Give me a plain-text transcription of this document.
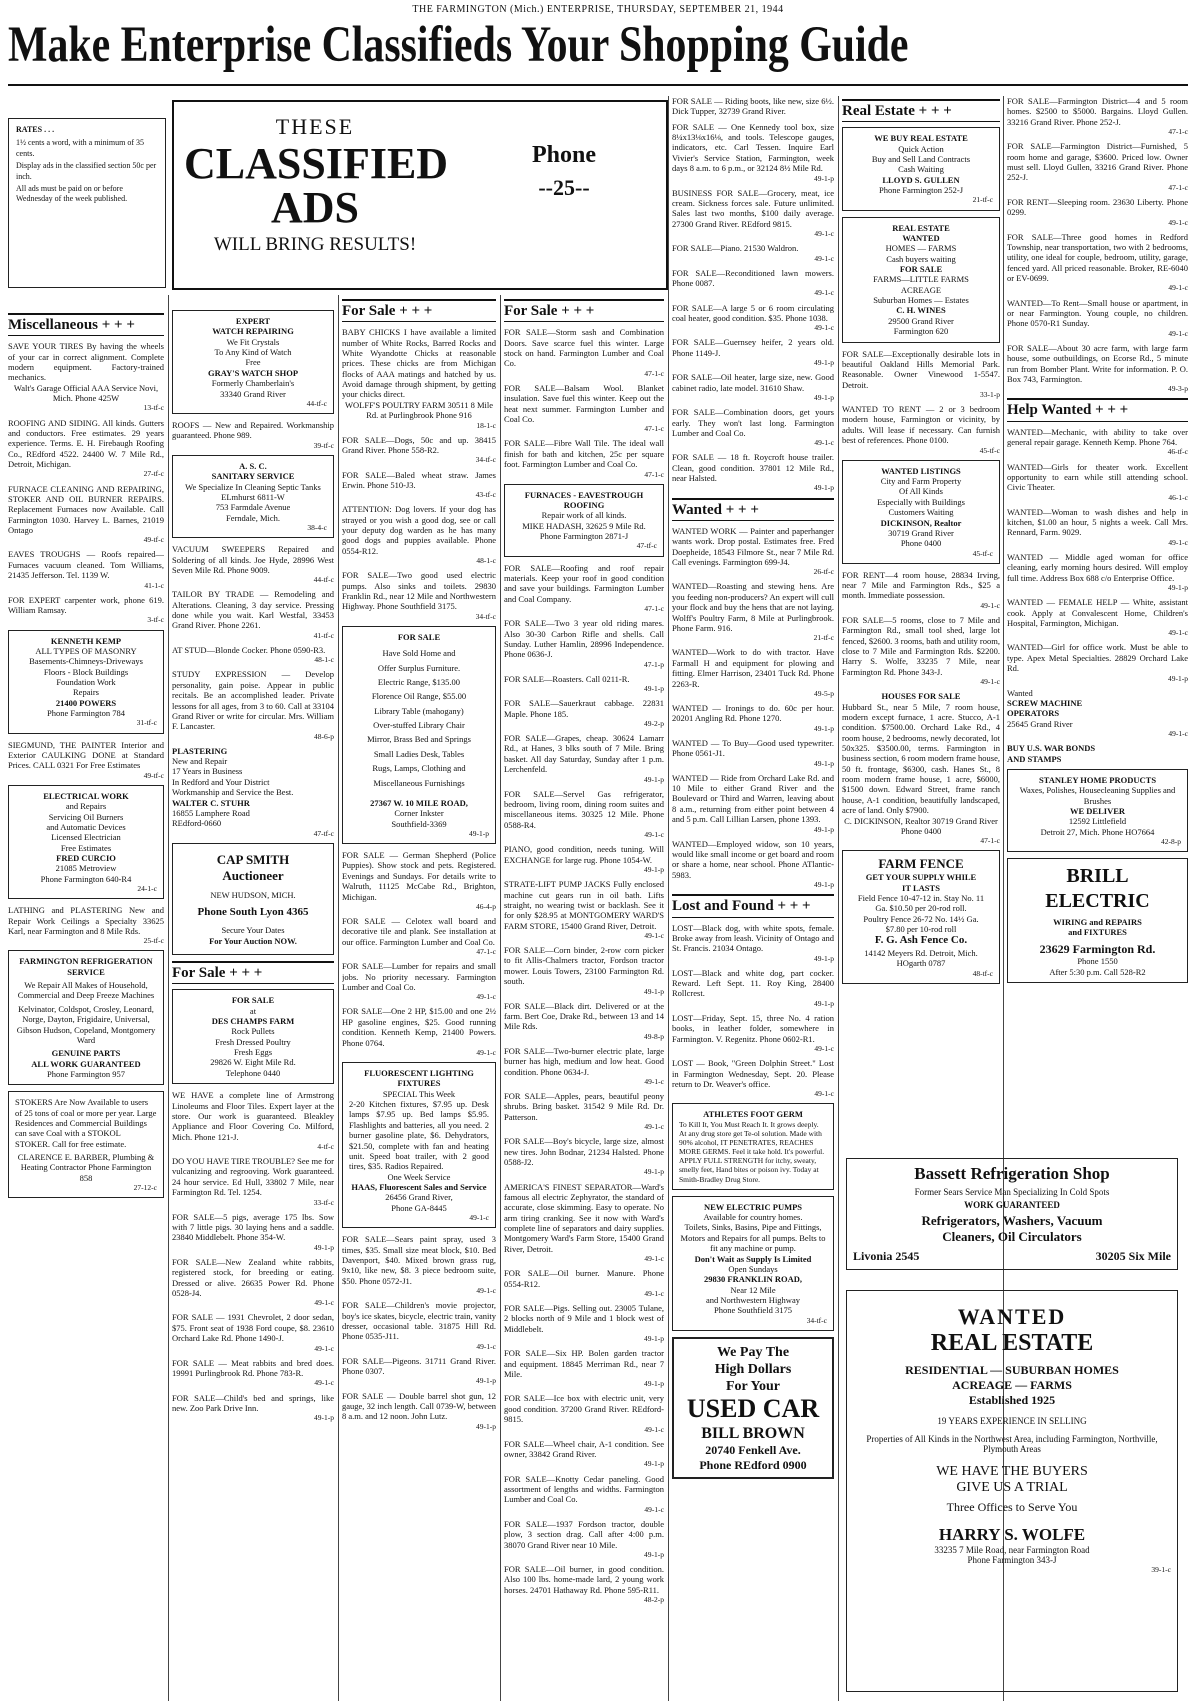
THE FARMINGTON (Mich.) ENTERPRISE, THURSDAY, SEPTEMBER 21, 1944
Make Enterprise Classifieds Your Shopping Guide
RATES . . .
1½ cents a word, with a minimum of 35 cents.
Display ads in the classified section 50c per inch.
All ads must be paid on or before Wednesday of the week published.
THESE
CLASSIFIED
ADS
WILL BRING RESULTS!
Phone
--25--
Miscellaneous + + +
SAVE YOUR TIRES By having the wheels of your car in correct alignment. Complete modern equipment. Factory-trained mechanics.
Walt's Garage Official AAA Service Novi, Mich. Phone 425W
13-tf-c
ROOFING AND SIDING. All kinds. Gutters and conductors. Free estimates. 29 years experience. Terms. E. H. Firebaugh Roofing Co., REdford 4522. 24400 W. 7 Mile Rd., Detroit, Michigan.
27-tf-c
FURNACE CLEANING AND REPAIRING, STOKER AND OIL BURNER REPAIRS. Replacement Furnaces now Available. Call Farmington 1030. Harvey L. Barnes, 21019 Ontago
49-tf-c
EAVES TROUGHS — Roofs repaired—Furnaces vacuum cleaned. Tom Williams, 21435 Jefferson. Tel. 1139 W.
41-1-c
FOR EXPERT carpenter work, phone 619. William Ramsay.
3-tf-c
KENNETH KEMP
ALL TYPES OF MASONRY
Basements-Chimneys-Driveways
Floors - Block Buildings
Foundation Work
Repairs
21400 POWERS
Phone Farmington 784
31-tf-c
SIEGMUND, THE PAINTER Interior and Exterior CAULKING DONE at Standard Prices. CALL 0321 For Free Estimates
49-tf-c
ELECTRICAL WORK
and Repairs
Servicing Oil Burners
and Automatic Devices
Licensed Electrician
Free Estimates
FRED CURCIO
21085 Metroview
Phone Farmington 640-R4
24-1-c
LATHING and PLASTERING New and Repair Work Ceilings a Specialty 33625 Karl, near Farmington and 8 Mile Rds.
25-tf-c
FARMINGTON REFRIGERATION SERVICE
We Repair All Makes of Household, Commercial and Deep Freeze Machines
Kelvinator, Coldspot, Crosley, Leonard, Norge, Dayton, Frigidaire, Universal, Gibson Hudson, Copeland, Montgomery Ward
GENUINE PARTS
ALL WORK GUARANTEED
Phone Farmington 957
STOKERS Are Now Available to users of 25 tons of coal or more per year. Large Residences and Commercial Buildings can save Coal with a STOKOL STOKER. Call for free estimate.
CLARENCE E. BARBER, Plumbing & Heating Contractor Phone Farmington 858
27-12-c
EXPERT
WATCH REPAIRING
We Fit Crystals
To Any Kind of Watch
Free
GRAY'S WATCH SHOP
Formerly Chamberlain's
33340 Grand River
44-tf-c
ROOFS — New and Repaired. Workmanship guaranteed. Phone 989.
39-tf-c
A. S. C.
SANITARY SERVICE
We Specialize In Cleaning Septic Tanks
ELmhurst 6811-W
753 Farmdale Avenue
Ferndale, Mich.
38-4-c
VACUUM SWEEPERS Repaired and Soldering of all kinds. Joe Hyde, 28996 West Seven Mile Rd. Phone 9009.
44-tf-c
TAILOR BY TRADE — Remodeling and Alterations. Cleaning, 3 day service. Pressing done while you wait. Karl Westfal, 33453 Grand River. Phone 2261.
41-tf-c
AT STUD—Blonde Cocker. Phone 0590-R3.
48-1-c
STUDY EXPRESSION — Develop personality, gain poise. Appear in public recitals. Be an accomplished leader. Private lessons for all ages, from 3 to 60. Call at 33104 Grand River or write for circular. Mrs. William F. Lancaster.
48-6-p
PLASTERING
New and Repair
17 Years in Business
In Redford and Your District
Workmanship and Service the Best.
WALTER C. STUHR
16855 Lamphere Road
REdford-0660
47-tf-c
CAP SMITH
Auctioneer
NEW HUDSON, MICH.
Phone South Lyon 4365
Secure Your Dates
For Your Auction NOW.
For Sale + + +
FOR SALE
at
DES CHAMPS FARM
Rock Pullets
Fresh Dressed Poultry
Fresh Eggs
29826 W. Eight Mile Rd.
Telephone 0440
WE HAVE a complete line of Armstrong Linoleums and Floor Tiles. Expert layer at the store. Our work is guaranteed. Bleakley Appliance and Floor Covering Co. Milford, Mich. Phone 121-J.
4-tf-c
DO YOU HAVE TIRE TROUBLE? See me for vulcanizing and regrooving. Work guaranteed. 24 hour service. Ed Hull, 33802 7 Mile, near Farmington Rd. Tel. 1254.
33-tf-c
FOR SALE—5 pigs, average 175 lbs. Sow with 7 little pigs. 30 laying hens and a saddle. 23840 Middlebelt. Phone 354-W.
49-1-p
FOR SALE—New Zealand white rabbits, registered stock, for breeding or eating. Dressed or alive. 26635 Power Rd. Phone 0528-J4.
49-1-c
FOR SALE — 1931 Chevrolet, 2 door sedan, $75. Front seat of 1938 Ford coupe, $8. 23610 Orchard Lake Rd. Phone 1490-J.
49-1-c
FOR SALE — Meat rabbits and bred does. 19991 Purlingbrook Rd. Phone 783-R.
49-1-c
FOR SALE—Child's bed and springs, like new. Zoo Park Drive Inn.
49-1-p
For Sale + + +
BABY CHICKS I have available a limited number of White Rocks, Barred Rocks and White Wyandotte Chicks at reasonable prices. These chicks are from Michigan flocks of AAA matings and hatched by us. Avoid damage through shipment, by getting your chicks direct.
WOLFF'S POULTRY FARM 30511 8 Mile Rd. at Purlingbrook Phone 916
18-1-c
FOR SALE—Dogs, 50c and up. 38415 Grand River. Phone 558-R2.
34-tf-c
FOR SALE—Baled wheat straw. James Erwin. Phone 510-J3.
43-tf-c
ATTENTION: Dog lovers. If your dog has strayed or you wish a good dog, see or call your deputy dog warden as he has many good dogs and puppies available. Phone 0554-R12.
48-1-c
FOR SALE—Two good used electric pumps. Also sinks and toilets. 29830 Franklin Rd., near 12 Mile and Northwestern Highway. Phone Southfield 3175.
34-tf-c
FOR SALE
Have Sold Home and
Offer Surplus Furniture.
Electric Range, $135.00
Florence Oil Range, $55.00
Library Table (mahogany)
Over-stuffed Library Chair
Mirror, Brass Bed and Springs
Small Ladies Desk, Tables
Rugs, Lamps, Clothing and
Miscellaneous Furnishings
27367 W. 10 MILE ROAD,
Corner Inkster
Southfield-3369
49-1-p
FOR SALE — German Shepherd (Police Puppies). Show stock and pets. Registered. Evenings and Sundays. For details write to Walruth, 11125 McCabe Rd., Brighton, Michigan.
46-4-p
FOR SALE — Celotex wall board and decorative tile and plank. See installation at our office. Farmington Lumber and Coal Co.
47-1-c
FOR SALE—Lumber for repairs and small jobs. No priority necessary. Farmington Lumber and Coal Co.
49-1-c
FOR SALE—One 2 HP, $15.00 and one 2½ HP gasoline engines, $25. Good running condition. Kenneth Kemp, 21400 Powers. Phone 0764.
49-1-c
FLUORESCENT LIGHTING FIXTURES
SPECIAL This Week
2-20 Kitchen fixtures, $7.95 up. Desk lamps $7.95 up. Bed lamps $5.95. Flashlights and batteries, all you need. 2 burner gasoline plate, $6. Dehydrators, $21.50, complete with fan and heating unit. Speed boat trailer, with 2 good tires, $35. Radios Repaired.
One Week Service
HAAS, Fluorescent Sales and Service
26456 Grand River,
Phone GA-8445
49-1-c
FOR SALE—Sears paint spray, used 3 times, $35. Small size meat block, $10. Bed Davenport, $40. Mixed brown grass rug, 9x10, like new, $8. 3 piece bedroom suite, $50. Phone 0572-J1.
49-1-c
FOR SALE—Children's movie projector, boy's ice skates, bicycle, electric train, vanity dresser, occasional table. 31875 Hill Rd. Phone 0535-J11.
49-1-c
FOR SALE—Pigeons. 31711 Grand River. Phone 0307.
49-1-p
FOR SALE — Double barrel shot gun, 12 gauge, 32 inch length. Call 0739-W, between 8 a.m. and 12 noon. John Lutz.
49-1-p
For Sale + + +
FOR SALE—Storm sash and Combination Doors. Save scarce fuel this winter. Large stock on hand. Farmington Lumber and Coal Co.
47-1-c
FOR SALE—Balsam Wool. Blanket insulation. Save fuel this winter. Keep out the heat next summer. Farmington Lumber and Coal Co.
47-1-c
FOR SALE—Fibre Wall Tile. The ideal wall finish for bath and kitchen, 25c per square foot. Farmington Lumber and Coal Co.
47-1-c
FURNACES - EAVESTROUGH
ROOFING
Repair work of all kinds.
MIKE HADASH, 32625 9 Mile Rd.
Phone Farmington 2871-J
47-tf-c
FOR SALE—Roofing and roof repair materials. Keep your roof in good condition and save your buildings. Farmington Lumber and Coal Company.
47-1-c
FOR SALE—Two 3 year old riding mares. Also 30-30 Carbon Rifle and shells. Call Sunday. Luther Hamlin, 28996 Independence. Phone 0636-J.
47-1-p
FOR SALE—Roasters. Call 0211-R.
49-1-p
FOR SALE—Sauerkraut cabbage. 22831 Maple. Phone 185.
49-2-p
FOR SALE—Grapes, cheap. 30624 Lamarr Rd., at Hanes, 3 blks south of 7 Mile. Bring basket. All day Saturday, Sunday after 1 p.m. Lerchenfeld.
49-1-p
FOR SALE—Servel Gas refrigerator, bedroom, living room, dining room suites and miscellaneous items. 30325 12 Mile. Phone 0588-R4.
49-1-c
PIANO, good condition, needs tuning. Will EXCHANGE for large rug. Phone 1054-W.
49-1-p
STRATE-LIFT PUMP JACKS Fully enclosed machine cut gears run in oil bath. Lifts straight, no wearing twist or backlash. See it for only $28.95 at MONTGOMERY WARD'S FARM STORE, 15400 Grand River, Detroit.
49-1-c
FOR SALE—Corn binder, 2-row corn picker to fit Allis-Chalmers tractor, Fordson tractor mower. Louis Towers, 23100 Farmington Rd. south.
49-1-p
FOR SALE—Black dirt. Delivered or at the farm. Bert Coe, Drake Rd., between 13 and 14 Mile Rds.
49-8-p
FOR SALE—Two-burner electric plate, large burner has high, medium and low heat. Good condition. Phone 0634-J.
49-1-c
FOR SALE—Apples, pears, beautiful peony shrubs. Bring basket. 31542 9 Mile Rd. Dr. Patterson.
49-1-c
FOR SALE—Boy's bicycle, large size, almost new tires. John Bodnar, 21234 Halsted. Phone 0588-J2.
49-1-p
AMERICA'S FINEST SEPARATOR—Ward's famous all electric Zephyrator, the standard of accurate, close skimming. Easy to operate. No arm tiring cranking. See it now with Ward's complete line of separators and dairy supplies. Montgomery Ward's Farm Store, 15400 Grand River, Detroit.
49-1-c
FOR SALE—Oil burner. Manure. Phone 0554-R12.
49-1-c
FOR SALE—Pigs. Selling out. 23005 Tulane, 2 blocks north of 9 Mile and 1 block west of Middlebelt.
49-1-p
FOR SALE—Six HP. Bolen garden tractor and equipment. 18845 Merriman Rd., near 7 Mile.
49-1-p
FOR SALE—Ice box with electric unit, very good condition. 37200 Grand River. REdford-9815.
49-1-c
FOR SALE—Wheel chair, A-1 condition. See owner, 33842 Grand River.
49-1-p
FOR SALE—Knotty Cedar paneling. Good assortment of lengths and widths. Farmington Lumber and Coal Co.
49-1-c
FOR SALE—1937 Fordson tractor, double plow, 3 section drag. Call after 4:00 p.m. 38070 Grand River near 10 Mile.
49-1-p
FOR SALE—Oil burner, in good condition. Also 100 lbs. home-made lard, 2 young work horses. 24701 Hathaway Rd. Phone 595-R11.
48-2-p
FOR SALE — Riding boots, like new, size 6½. Dick Tupper, 32739 Grand River.
FOR SALE — One Kennedy tool box, size 8¼x13⅛x16⅛, and tools. Telescope gauges, indicators, etc. Carl Tessen. Inquire Earl Vivier's Service Station, Farmington, week days 8 a.m. to 6 p.m., or 32124 8½ Mile Rd.
49-1-p
BUSINESS FOR SALE—Grocery, meat, ice cream. Sickness forces sale. Future unlimited. Sales last two months, $100 daily average. 27300 Grand River. REdford 9815.
49-1-c
FOR SALE—Piano. 21530 Waldron.
49-1-c
FOR SALE—Reconditioned lawn mowers. Phone 0087.
49-1-c
FOR SALE—A large 5 or 6 room circulating coal heater, good condition. $35. Phone 1038.
49-1-c
FOR SALE—Guernsey heifer, 2 years old. Phone 1149-J.
49-1-p
FOR SALE—Oil heater, large size, new. Good cabinet radio, late model. 31610 Shaw.
49-1-p
FOR SALE—Combination doors, get yours early. They won't last long. Farmington Lumber and Coal Co.
49-1-c
FOR SALE — 18 ft. Roycroft house trailer. Clean, good condition. 37801 12 Mile Rd., near Halsted.
49-1-p
Wanted + + +
WANTED WORK — Painter and paperhanger wants work. Drop postal. Estimates free. Fred Doepheide, 18543 Filmore St., near 7 Mile Rd. Call evenings. Farmington 699-J4.
26-tf-c
WANTED—Roasting and stewing hens. Are you feeding non-producers? An expert will cull your flock and buy the hens that are not laying. Wolff's Poultry Farm, 8 Mile at Purlingbrook. Phone Farm. 916.
21-tf-c
WANTED—Work to do with tractor. Have Farmall H and equipment for plowing and fitting. Elmer Harrison, 23401 Tuck Rd. Phone 2263-R.
49-5-p
WANTED — Ironings to do. 60c per hour. 20201 Angling Rd. Phone 1270.
49-1-p
WANTED — To Buy—Good used typewriter. Phone 0561-J1.
49-1-p
WANTED — Ride from Orchard Lake Rd. and 10 Mile to either Grand River and the Boulevard or Third and Warren, leaving about 8 a.m., returning from either point between 4 and 5 p.m. Call Lillian Larsen, phone 1393.
49-1-p
WANTED—Employed widow, son 10 years, would like small income or get board and room or share a home, near school. Phone ATlantic-5983.
49-1-p
Lost and Found + + +
LOST—Black dog, with white spots, female. Broke away from leash. Vicinity of Ontago and St. Francis. 21034 Ontago.
49-1-p
LOST—Black and white dog, part cocker. Reward. Left Sept. 11. Roy King, 28400 Rollcrest.
49-1-p
LOST—Friday, Sept. 15, three No. 4 ration books, in leather folder, somewhere in Farmington. V. Regenitz. Phone 0602-R1.
49-1-c
LOST — Book, "Green Dolphin Street." Lost in Farmington Wednesday, Sept. 20. Please return to Dr. Weaver's office.
49-1-c
ATHLETES FOOT GERM
To Kill It, You Must Reach It. It grows deeply. At any drug store get Te-ol solution. Made with 90% alcohol, IT PENETRATES, REACHES MORE GERMS. Feel it take hold. It's powerful. APPLY FULL STRENGTH for itchy, sweaty, smelly feet, Hand bites or poison ivy. Today at Smith-Bradley Drug Store.
NEW ELECTRIC PUMPS
Available for country homes.
Toilets, Sinks, Basins, Pipe and Fittings, Motors and Repairs for all pumps. Belts to fit any machine or pump.
Don't Wait as Supply Is Limited
Open Sundays
29830 FRANKLIN ROAD,
Near 12 Mile
and Northwestern Highway
Phone Southfield 3175
34-tf-c
We Pay The
High Dollars
For Your
USED CAR
BILL BROWN
20740 Fenkell Ave.
Phone REdford 0900
Real Estate + + +
WE BUY REAL ESTATE
Quick Action
Buy and Sell Land Contracts
Cash Waiting
LLOYD S. GULLEN
Phone Farmington 252-J
21-tf-c
REAL ESTATE
WANTED
HOMES — FARMS
Cash buyers waiting
FOR SALE
FARMS—LITTLE FARMS
ACREAGE
Suburban Homes — Estates
C. H. WINES
29500 Grand River
Farmington 620
FOR SALE—Exceptionally desirable lots in beautiful Oakland Hills Memorial Park. Reasonable. Owner Vinewood 1-5547. Detroit.
33-1-p
WANTED TO RENT — 2 or 3 bedroom modern house, Farmington or vicinity, by adults. Will lease if necessary. Can furnish best of references. Phone 0100.
45-tf-c
WANTED LISTINGS
City and Farm Property
Of All Kinds
Especially with Buildings
Customers Waiting
DICKINSON, Realtor
30719 Grand River
Phone 0400
45-tf-c
FOR RENT—4 room house, 28834 Irving, near 7 Mile and Farmington Rds., $25 a month. Immediate possession.
49-1-c
FOR SALE—5 rooms, close to 7 Mile and Farmington Rd., small tool shed, large lot fenced, $2600. 3 rooms, bath and utility room, close to 7 Mile and Farmington Rds. $2200. Harry S. Wolfe, 33235 7 Mile, near Farmington Rd. Phone 343-J.
49-1-c
HOUSES FOR SALE
Hubbard St., near 5 Mile, 7 room house, modern except furnace, 1 acre. Stucco, A-1 condition. $7500.00. Orchard Lake Rd., 4 room house, 2 bedrooms, newly decorated, lot 50x325. $3500.00, terms. Farmington in business section, 6 room modern frame house, 50 ft. frontage, $6300, cash. Hanes St., 8 room modern frame house, 1 acre, $6000, $1500 down. Edward Street, frame ranch house, A-1 condition, beautifully landscaped, acre of land. Only $7900.
C. DICKINSON, Realtor 30719 Grand River Phone 0400
47-1-c
FARM FENCE
GET YOUR SUPPLY WHILE
IT LASTS
Field Fence 10-47-12 in. Stay No. 11
Ga. $10.50 per 20-rod roll.
Poultry Fence 26-72 No. 14½ Ga.
$7.80 per 10-rod roll
F. G. Ash Fence Co.
14142 Meyers Rd. Detroit, Mich.
HOgarth 0787
48-tf-c
FOR SALE—Farmington District—4 and 5 room homes. $2500 to $5000. Bargains. Lloyd Gullen. 33216 Grand River. Phone 252-J.
47-1-c
FOR SALE—Farmington District—Furnished, 5 room home and garage, $3600. Priced low. Owner must sell. Lloyd Gullen, 33216 Grand River. Phone 252-J.
47-1-c
FOR RENT—Sleeping room. 23630 Liberty. Phone 0299.
49-1-c
FOR SALE—Three good homes in Redford Township, near transportation, two with 2 bedrooms, utility, one ideal for couple, bedroom, utility, garage, fenced yard. All priced reasonable. Broker, RE-6040 or EV-0699.
49-1-c
WANTED—To Rent—Small house or apartment, in or near Farmington. Young couple, no children. Phone 0570-R1 Sunday.
49-1-c
FOR SALE—About 30 acre farm, with large farm house, some outbuildings, on Ecorse Rd., 5 minute run from Bomber Plant. Write for information. P. O. Box 743, Farmington.
49-3-p
Help Wanted + + +
WANTED—Mechanic, with ability to take over general repair garage. Kenneth Kemp. Phone 764.
46-tf-c
WANTED—Girls for theater work. Excellent opportunity to earn while still attending school. Civic Theater.
46-1-c
WANTED—Woman to wash dishes and help in kitchen, $1.00 an hour, 5 nights a week. Call Mrs. Rennard, Farm. 9029.
49-1-c
WANTED — Middle aged woman for office cleaning, early morning hours desired. Will employ full time. Address Box 688 c/o Enterprise Office.
49-1-p
WANTED — FEMALE HELP — White, assistant cook. Apply at Convalescent Home, Children's Hospital, Farmington, Michigan.
49-1-c
WANTED—Girl for office work. Must be able to type. Apex Metal Specialties. 28829 Orchard Lake Rd.
49-1-p
Wanted
SCREW MACHINE
OPERATORS
25645 Grand River
49-1-c
BUY U.S. WAR BONDS
AND STAMPS
STANLEY HOME PRODUCTS
Waxes, Polishes, Housecleaning Supplies and Brushes
WE DELIVER
12592 Littlefield
Detroit 27, Mich. Phone HO7664
42-8-p
BRILL
ELECTRIC
WIRING and REPAIRS
and FIXTURES
23629 Farmington Rd.
Phone 1550
After 5:30 p.m. Call 528-R2
Bassett Refrigeration Shop
Former Sears Service Man Specializing In Cold Spots
WORK GUARANTEED
Refrigerators, Washers, Vacuum
Cleaners, Oil Circulators
Livonia 2545	30205 Six Mile
WANTED
REAL ESTATE
RESIDENTIAL — SUBURBAN HOMES
ACREAGE — FARMS
Established 1925
19 YEARS EXPERIENCE IN SELLING
Properties of All Kinds in the Northwest Area, including Farmington, Northville, Plymouth Areas
WE HAVE THE BUYERS
GIVE US A TRIAL
Three Offices to Serve You
HARRY S. WOLFE
33235 7 Mile Road, near Farmington Road
Phone Farmington 343-J
39-1-c
